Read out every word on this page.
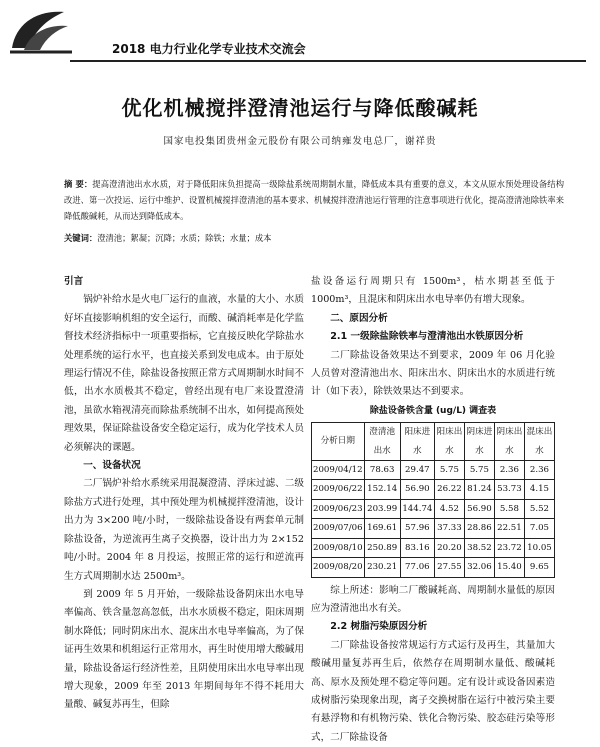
2018 电力行业化学专业技术交流会
优化机械搅拌澄清池运行与降低酸碱耗
国家电投集团贵州金元股份有限公司纳雍发电总厂，谢祥贵
摘 要：提高澄清池出水水质，对于降低阳床负担提高一级除盐系统周期制水量，降低成本具有重要的意义，本文从原水预处理设备结构改进、第一次投运、运行中维护、设置机械搅拌澄清池的基本要求、机械搅拌澄清池运行管理的注意事项进行优化，提高澄清池除铁率来降低酸碱耗，从而达到降低成本。
关键词：澄清池；絮凝；沉降；水质；除铁；水量；成本

引言

锅炉补给水是火电厂运行的血液，水量的大小、水质好坏直接影响机组的安全运行，而酸、碱消耗率是化学监督技术经济指标中一项重要指标，它直接反映化学除盐水处理系统的运行水平，也直接关系到发电成本。由于原处理运行情况不佳，除盐设备按照正常方式周期制水时间不低，出水水质极其不稳定，曾经出现有电厂来设置澄清池，虽欲水箱视清亮而除盐系统制不出水，如何提高预处理效果，保证除盐设备安全稳定运行，成为化学技术人员必须解决的课题。

一、设备状况

二厂锅炉补给水系统采用混凝澄清、浮床过滤、二级除盐方式进行处理，其中预处理为机械搅拌澄清池，设计出力为 3×200 吨/小时，一级除盐设备设有两套单元制除盐设备，为逆流再生离子交换器，设计出力为 2×152 吨/小时。2004 年 8 月投运，按照正常的运行和逆流再生方式周期制水达 2500m³。

到 2009 年 5 月开始，一级除盐设备阴床出水电导率偏高、铁含量忽高忽低，出水水质极不稳定，阳床周期制水降低；同时阴床出水、混床出水电导率偏高，为了保证再生效果和机组运行正常用水，再生时使用增大酸碱用量，除盐设备运行经济性差，且阴使用床出水电导率出现增大现象，2009 年至 2013 年期间每年不得不耗用大量酸、碱复苏再生，但除

盐设备运行周期只有 1500m³，枯水期甚至低于 1000m³，且混床和阴床出水电导率仍有增大现象。

二、原因分析

2.1 一级除盐除铁率与澄清池出水铁原因分析

二厂除盐设备效果达不到要求，2009 年 06 月化验人员曾对澄清池出水、阳床出水、阴床出水的水质进行统计（如下表），除铁效果达不到要求。

除盐设备铁含量 (ug/L) 调查表
分析日期	澄清池出水	阳床进水	阳床出水	阴床进水	阴床出水	混床出水
2009/04/12	78.63	29.47	5.75	5.75	2.36	2.36
2009/06/22	152.14	56.90	26.22	81.24	53.73	4.15
2009/06/23	203.99	144.74	4.52	56.90	5.58	5.52
2009/07/06	169.61	57.96	37.33	28.86	22.51	7.05
2009/08/10	250.89	83.16	20.20	38.52	23.72	10.05
2009/08/20	230.21	77.06	27.55	32.06	15.40	9.65

综上所述：影响二厂酸碱耗高、周期制水量低的原因应为澄清池出水有关。

2.2 树脂污染原因分析

二厂除盐设备按常规运行方式运行及再生，其量加大酸碱用量复苏再生后，依然存在周期制水量低、酸碱耗高、原水及预处理不稳定等问题。定有设计或设备因素造成树脂污染现象出现，离子交换树脂在运行中被污染主要有悬浮物和有机物污染、铁化合物污染、胶态硅污染等形式，二厂除盐设备
